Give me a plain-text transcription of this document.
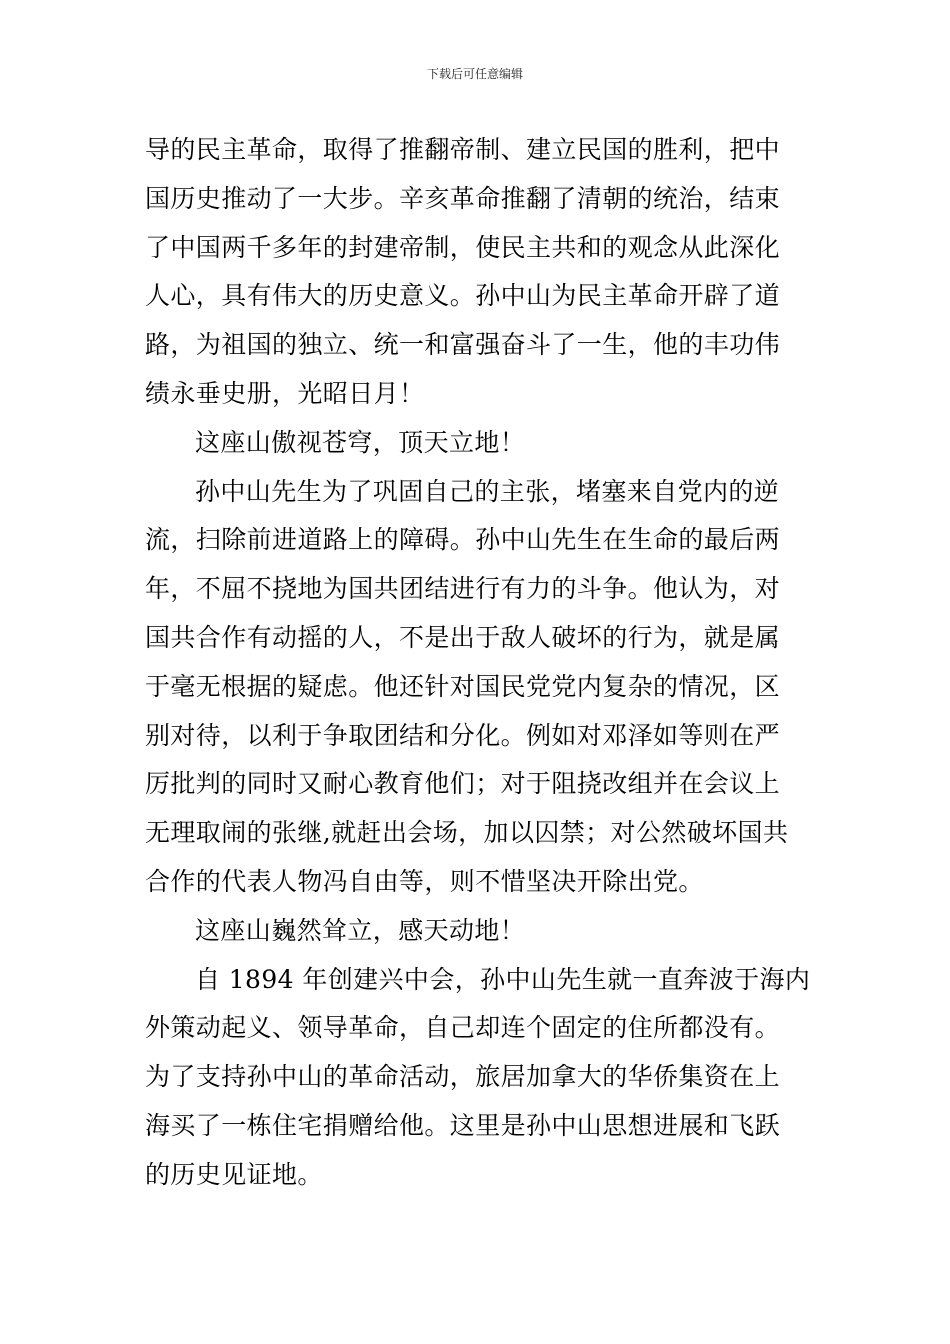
下载后可任意编辑
导的民主革命，取得了推翻帝制、建立民国的胜利，把中
国历史推动了一大步。辛亥革命推翻了清朝的统治，结束
了中国两千多年的封建帝制，使民主共和的观念从此深化
人心，具有伟大的历史意义。孙中山为民主革命开辟了道
路，为祖国的独立、统一和富强奋斗了一生，他的丰功伟
绩永垂史册，光昭日月！
这座山傲视苍穹，顶天立地！
孙中山先生为了巩固自己的主张，堵塞来自党内的逆
流，扫除前进道路上的障碍。孙中山先生在生命的最后两
年，不屈不挠地为国共团结进行有力的斗争。他认为，对
国共合作有动摇的人，不是出于敌人破坏的行为，就是属
于毫无根据的疑虑。他还针对国民党党内复杂的情况，区
别对待，以利于争取团结和分化。例如对邓泽如等则在严
厉批判的同时又耐心教育他们；对于阻挠改组并在会议上
无理取闹的张继,就赶出会场，加以囚禁；对公然破坏国共
合作的代表人物冯自由等，则不惜坚决开除出党。
这座山巍然耸立，感天动地！
自 1894 年创建兴中会，孙中山先生就一直奔波于海内
外策动起义、领导革命，自己却连个固定的住所都没有。
为了支持孙中山的革命活动，旅居加拿大的华侨集资在上
海买了一栋住宅捐赠给他。这里是孙中山思想进展和飞跃
的历史见证地。
